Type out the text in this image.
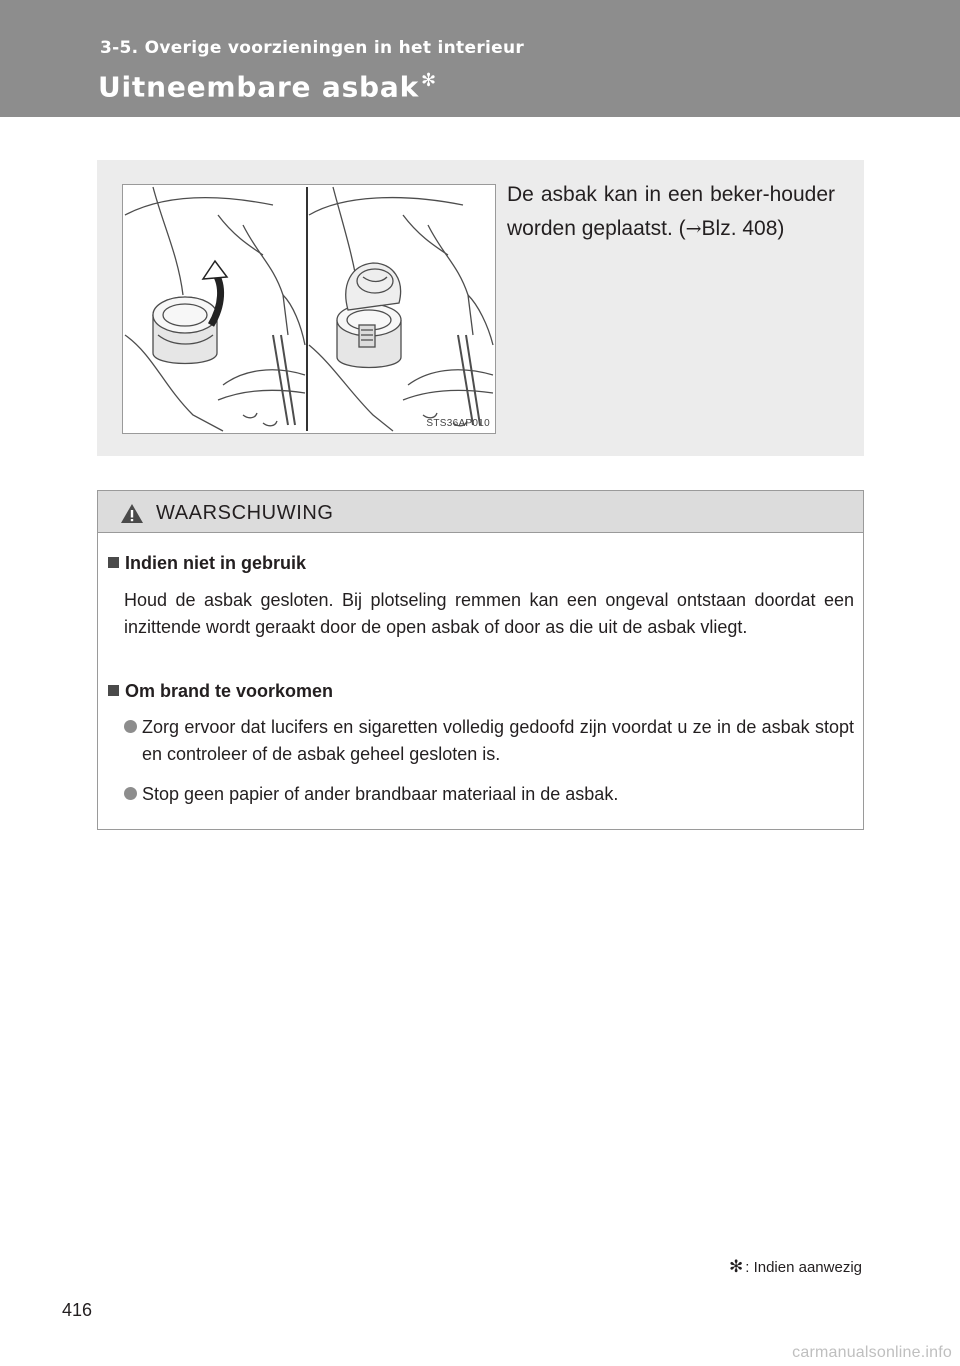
3-5. Overige voorzieningen in het interieur
Uitneembare asbak ✻
STS36AP010
De asbak kan in een beker-houder worden geplaatst. (→Blz. 408)
WAARSCHUWING
Indien niet in gebruik
Houd de asbak gesloten. Bij plotseling remmen kan een ongeval ontstaan doordat een inzittende wordt geraakt door de open asbak of door as die uit de asbak vliegt.
Om brand te voorkomen
Zorg ervoor dat lucifers en sigaretten volledig gedoofd zijn voordat u ze in de asbak stopt en controleer of de asbak geheel gesloten is.
Stop geen papier of ander brandbaar materiaal in de asbak.
✻ : Indien aanwezig
416
carmanualsonline.info
